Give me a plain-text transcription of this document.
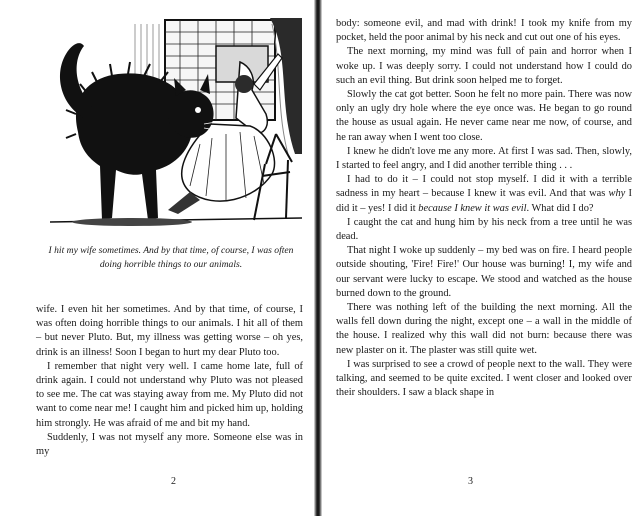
I hit my wife sometimes. And by that time, of course, I was often
doing horrible things to our animals.

wife. I even hit her sometimes. And by that time, of course, I was often doing horrible things to our animals. I hit all of them – but never Pluto. But, my illness was getting worse – oh yes, drink is an illness! Soon I began to hurt my dear Pluto too.

I remember that night very well. I came home late, full of drink again. I could not understand why Pluto was not pleased to see me. The cat was staying away from me. My Pluto did not want to come near me! I caught him and picked him up, holding him strongly. He was afraid of me and bit my hand.

Suddenly, I was not myself any more. Someone else was in my

2

body: someone evil, and mad with drink! I took my knife from my pocket, held the poor animal by his neck and cut out one of his eyes.

The next morning, my mind was full of pain and horror when I woke up. I was deeply sorry. I could not understand how I could do such an evil thing. But drink soon helped me to forget.

Slowly the cat got better. Soon he felt no more pain. There was now only an ugly dry hole where the eye once was. He began to go round the house as usual again. He never came near me now, of course, and he ran away when I went too close.

I knew he didn't love me any more. At first I was sad. Then, slowly, I started to feel angry, and I did another terrible thing . . .

I had to do it – I could not stop myself. I did it with a terrible sadness in my heart – because I knew it was evil. And that was why I did it – yes! I did it because I knew it was evil. What did I do?

I caught the cat and hung him by his neck from a tree until he was dead.

That night I woke up suddenly – my bed was on fire. I heard people outside shouting, 'Fire! Fire!' Our house was burning! I, my wife and our servant were lucky to escape. We stood and watched as the house burned down to the ground.

There was nothing left of the building the next morning. All the walls fell down during the night, except one – a wall in the middle of the house. I realized why this wall did not burn: because there was new plaster on it. The plaster was still quite wet.

I was surprised to see a crowd of people next to the wall. They were talking, and seemed to be quite excited. I went closer and looked over their shoulders. I saw a black shape in

3
